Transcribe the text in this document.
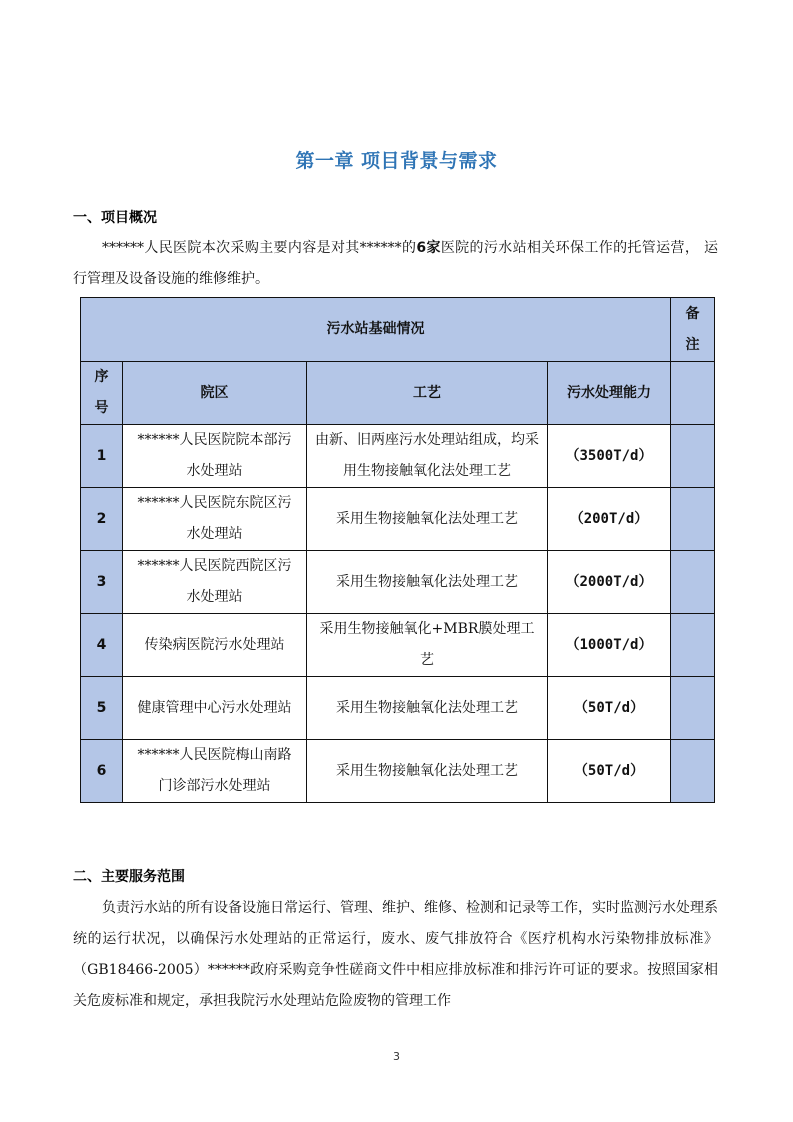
第一章 项目背景与需求
一、项目概况
******人民医院本次采购主要内容是对其******的6家医院的污水站相关环保工作的托管运营， 运行管理及设备设施的维修维护。
污水站基础情况				备注
序号	院区	工艺	污水处理能力	
1	******人民医院院本部污水处理站	由新、旧两座污水处理站组成，均采用生物接触氧化法处理工艺	（3500T/d）	
2	******人民医院东院区污水处理站	采用生物接触氧化法处理工艺	（200T/d）	
3	******人民医院西院区污水处理站	采用生物接触氧化法处理工艺	（2000T/d）	
4	传染病医院污水处理站	采用生物接触氧化+MBR膜处理工艺	（1000T/d）	
5	健康管理中心污水处理站	采用生物接触氧化法处理工艺	（50T/d）	
6	******人民医院梅山南路门诊部污水处理站	采用生物接触氧化法处理工艺	（50T/d）	
二、主要服务范围
负责污水站的所有设备设施日常运行、管理、维护、维修、检测和记录等工作，实时监测污水处理系统的运行状况，以确保污水处理站的正常运行，废水、废气排放符合《医疗机构水污染物排放标准》 （GB18466-2005）******政府采购竞争性磋商文件中相应排放标准和排污许可证的要求。按照国家相关危废标准和规定，承担我院污水处理站危险废物的管理工作
3
